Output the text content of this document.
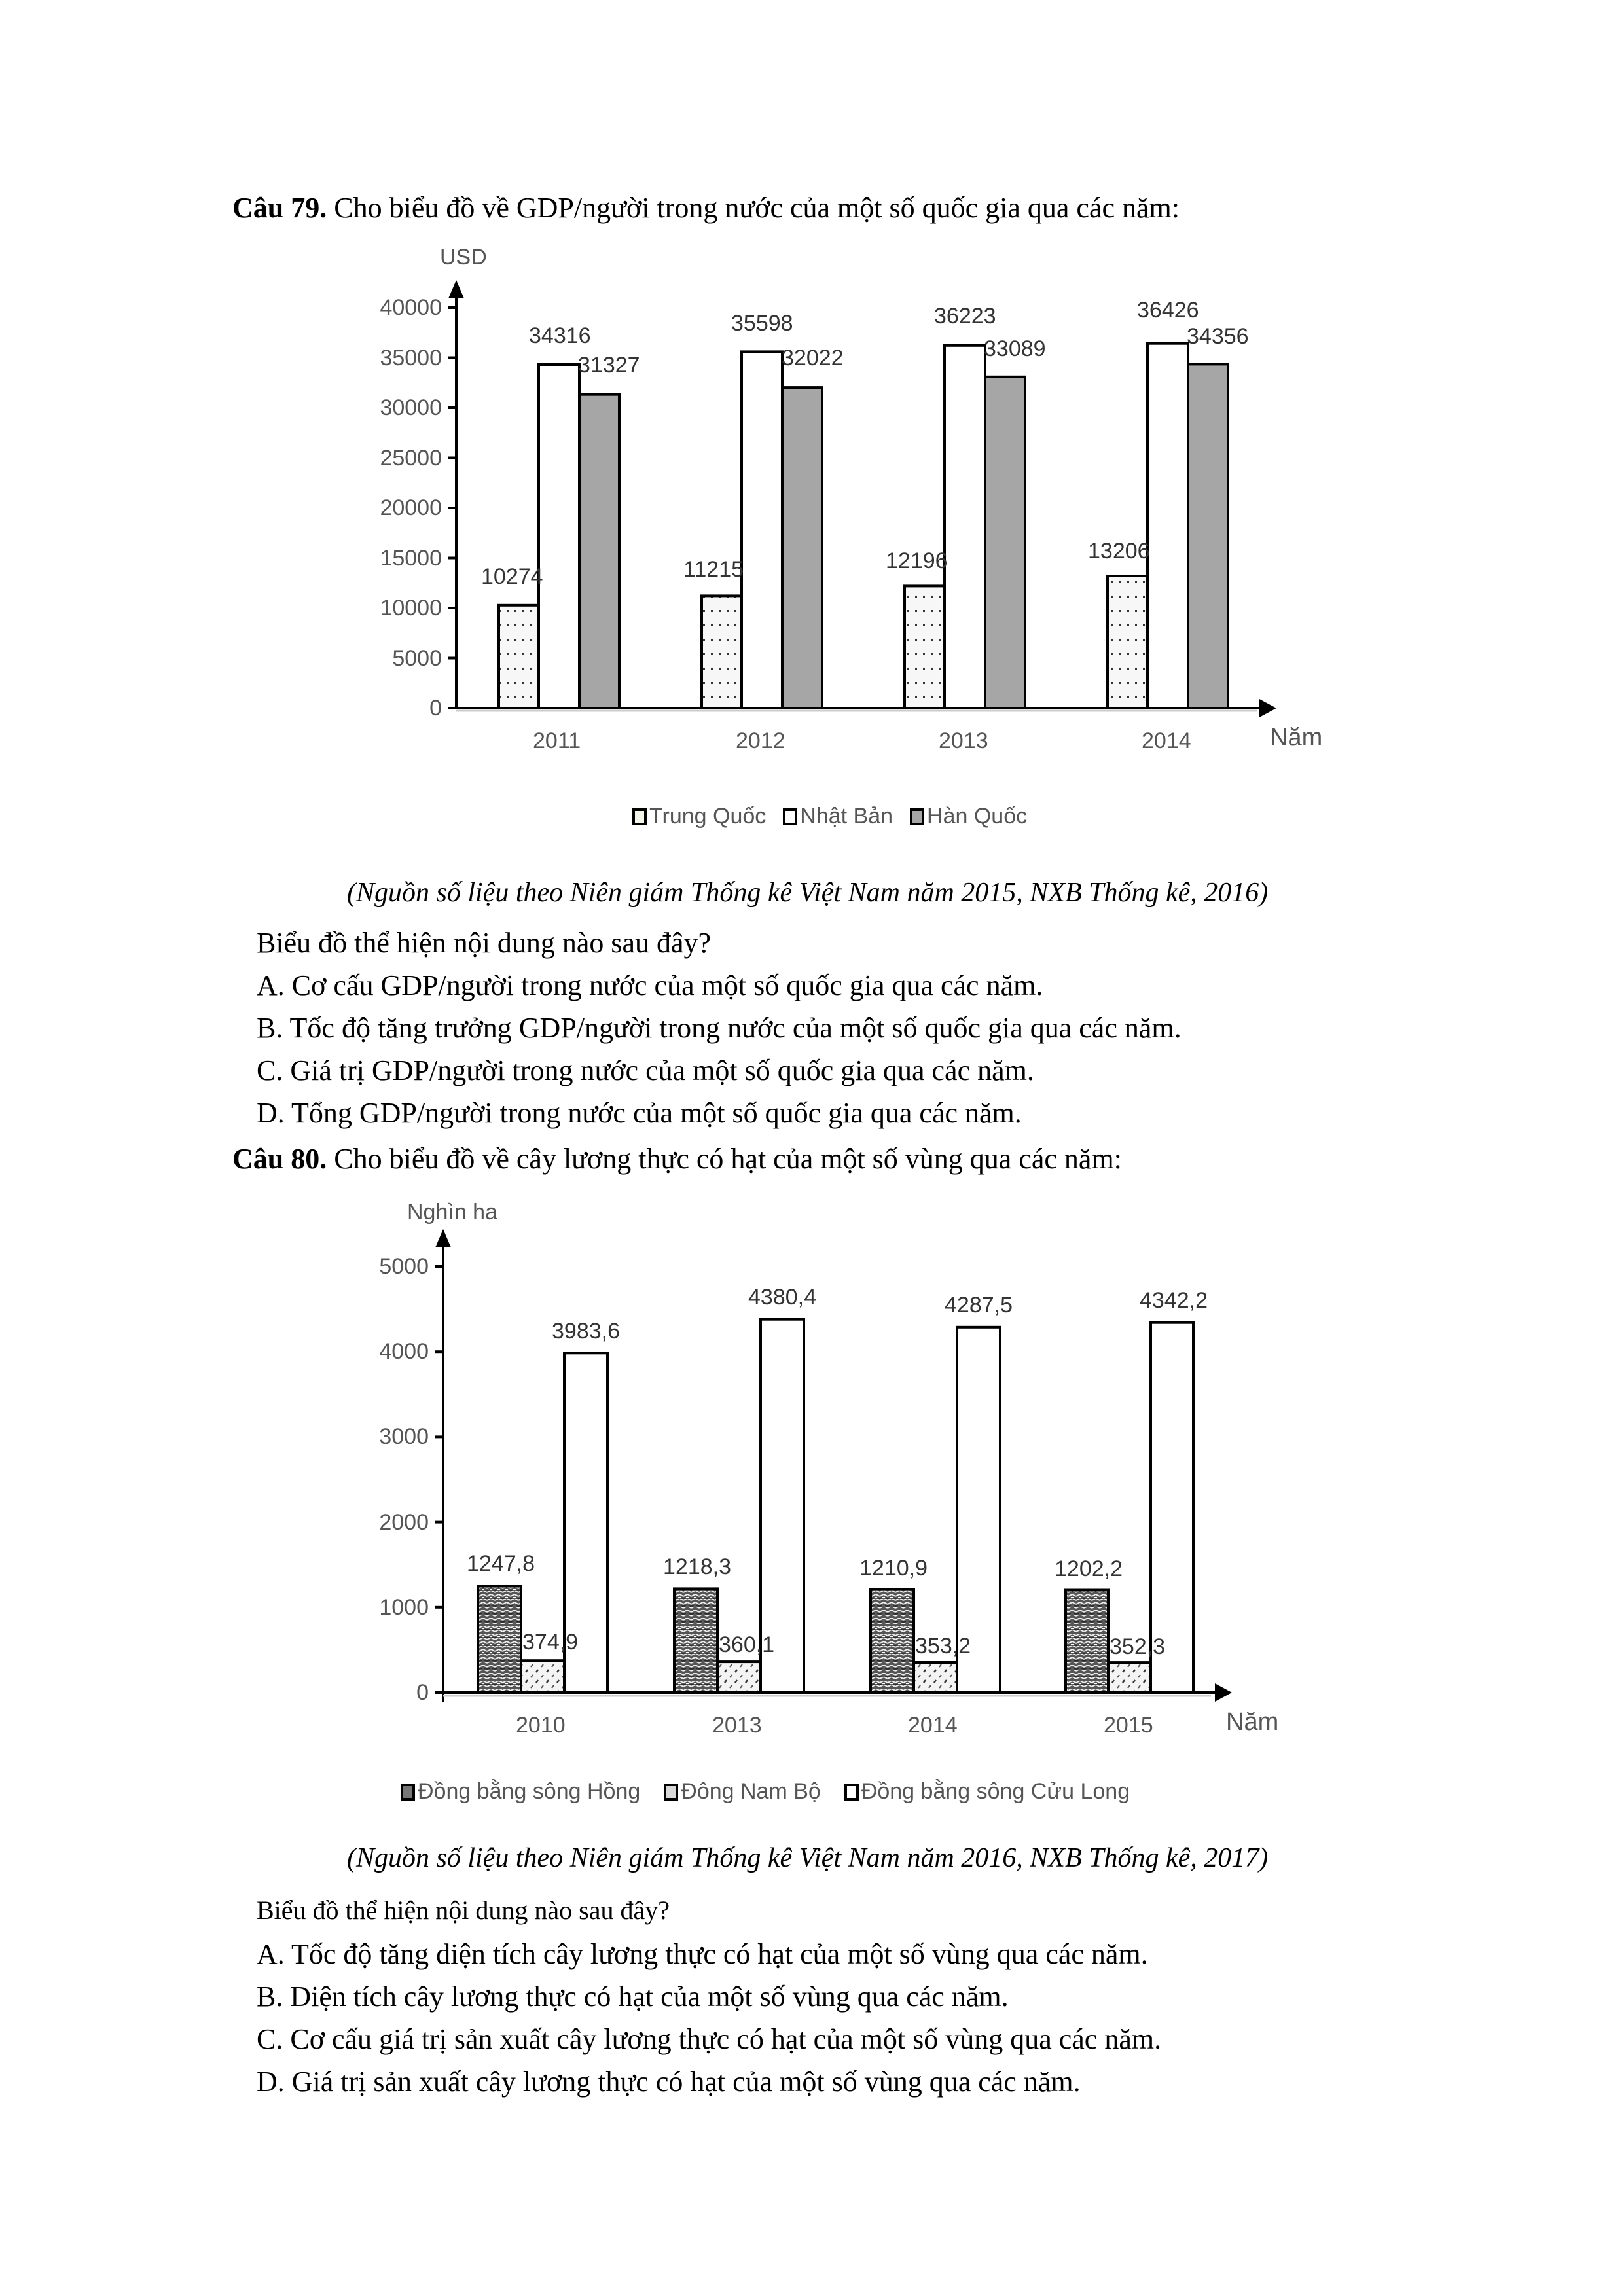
Câu 79. Cho biểu đồ về GDP/người trong nước của một số quốc gia qua các năm:
USD
0
5000
10000
15000
20000
25000
30000
35000
40000
10274
34316
31327
11215
35598
32022
12196
36223
33089
13206
36426
34356
2011	2012	2013	2014	Năm
Trung Quốc Nhật Bản Hàn Quốc
(Nguồn số liệu theo Niên giám Thống kê Việt Nam năm 2015, NXB Thống kê, 2016)
Biểu đồ thể hiện nội dung nào sau đây?
A. Cơ cấu GDP/người trong nước của một số quốc gia qua các năm.
B. Tốc độ tăng trưởng GDP/người trong nước của một số quốc gia qua các năm.
C. Giá trị GDP/người trong nước của một số quốc gia qua các năm.
D. Tổng GDP/người trong nước của một số quốc gia qua các năm.
Câu 80. Cho biểu đồ về cây lương thực có hạt của một số vùng qua các năm:
Nghìn ha
0
1000
2000
3000
4000
5000
1247,8
374,9
3983,6
1218,3
360,1
4380,4
1210,9
353,2
4287,5
1202,2
352,3
4342,2
2010	2013	2014	2015	Năm
Đồng bằng sông Hồng Đông Nam Bộ Đồng bằng sông Cửu Long
(Nguồn số liệu theo Niên giám Thống kê Việt Nam năm 2016, NXB Thống kê, 2017)
Biểu đồ thể hiện nội dung nào sau đây?
A. Tốc độ tăng diện tích cây lương thực có hạt của một số vùng qua các năm.
B. Diện tích cây lương thực có hạt của một số vùng qua các năm.
C. Cơ cấu giá trị sản xuất cây lương thực có hạt của một số vùng qua các năm.
D. Giá trị sản xuất cây lương thực có hạt của một số vùng qua các năm.
